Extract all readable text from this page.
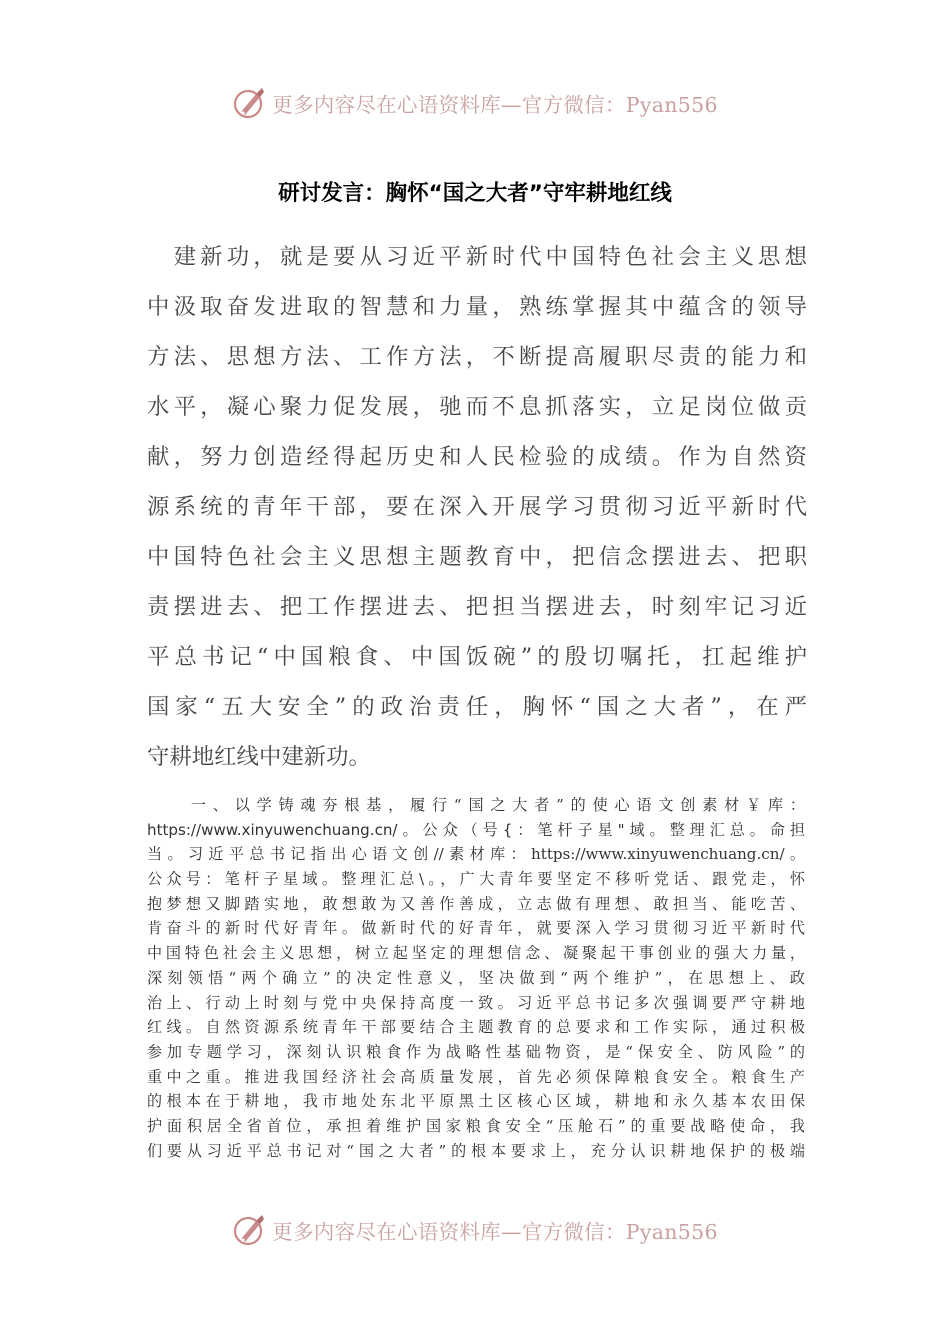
更多内容尽在心语资料库—官方微信：Pyan556
研讨发言：胸怀“国之大者”守牢耕地红线
　建新功，就是要从习近平新时代中国特色社会主义思想
中汲取奋发进取的智慧和力量，熟练掌握其中蕴含的领导
方法、思想方法、工作方法，不断提高履职尽责的能力和
水平，凝心聚力促发展，驰而不息抓落实，立足岗位做贡
献，努力创造经得起历史和人民检验的成绩。作为自然资
源系统的青年干部，要在深入开展学习贯彻习近平新时代
中国特色社会主义思想主题教育中，把信念摆进去、把职
责摆进去、把工作摆进去、把担当摆进去，时刻牢记习近
平总书记“中国粮食、中国饭碗”的殷切嘱托，扛起维护
国家“五大安全”的政治责任，胸怀“国之大者”，在严
守耕地红线中建新功。
　　一、以学铸魂夯根基，履行“国之大者”的使心语文创素材￥库：
https://www.xinyuwenchuang.cn/。公众（号{：笔杆子星"域。整理汇总。命担
当。习近平总书记指出心语文创//素材库：https://www.xinyuwenchuang.cn/。
公众号：笔杆子星域。整理汇总\。，广大青年要坚定不移听党话、跟党走，怀
抱梦想又脚踏实地，敢想敢为又善作善成，立志做有理想、敢担当、能吃苦、
肯奋斗的新时代好青年。做新时代的好青年，就要深入学习贯彻习近平新时代
中国特色社会主义思想，树立起坚定的理想信念、凝聚起干事创业的强大力量，
深刻领悟“两个确立”的决定性意义，坚决做到“两个维护”，在思想上、政
治上、行动上时刻与党中央保持高度一致。习近平总书记多次强调要严守耕地
红线。自然资源系统青年干部要结合主题教育的总要求和工作实际，通过积极
参加专题学习，深刻认识粮食作为战略性基础物资，是“保安全、防风险”的
重中之重。推进我国经济社会高质量发展，首先必须保障粮食安全。粮食生产
的根本在于耕地，我市地处东北平原黑土区核心区域，耕地和永久基本农田保
护面积居全省首位，承担着维护国家粮食安全“压舱石”的重要战略使命，我
们要从习近平总书记对“国之大者”的根本要求上，充分认识耕地保护的极端
更多内容尽在心语资料库—官方微信：Pyan556
